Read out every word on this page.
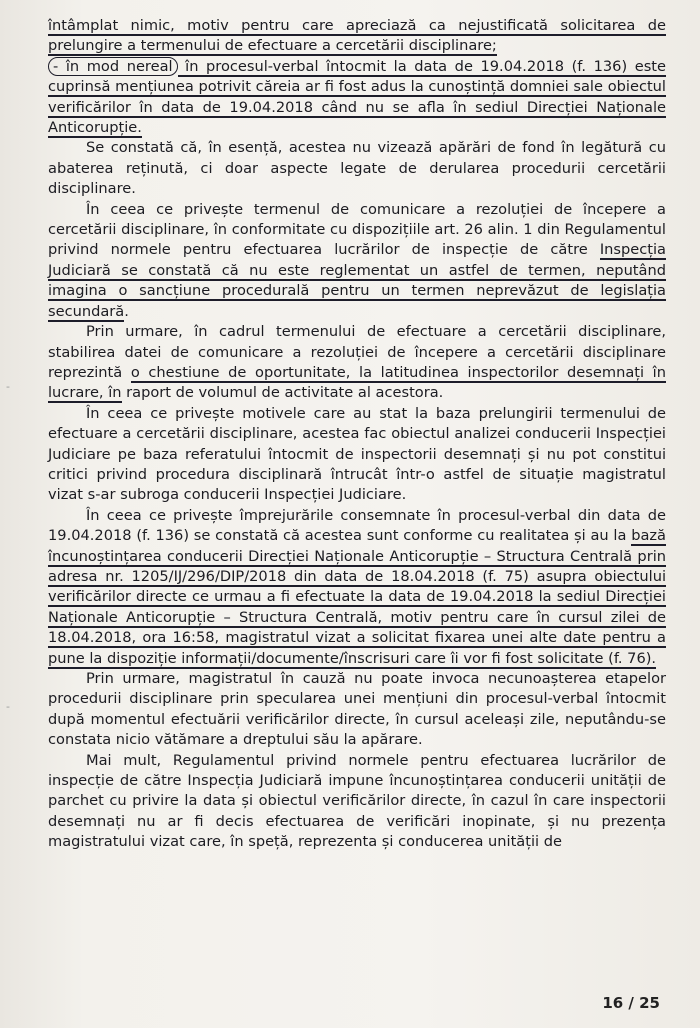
-
-

întâmplat nimic, motiv pentru care apreciază ca nejustificată solicitarea de prelungire a termenului de efectuare a cercetării disciplinare;

- în mod nereal în procesul-verbal întocmit la data de 19.04.2018 (f. 136) este cuprinsă mențiunea potrivit căreia ar fi fost adus la cunoștință domniei sale obiectul verificărilor în data de 19.04.2018 când nu se afla în sediul Direcției Naționale Anticorupție.

Se constată că, în esență, acestea nu vizează apărări de fond în legătură cu abaterea reținută, ci doar aspecte legate de derularea procedurii cercetării disciplinare.

În ceea ce privește termenul de comunicare a rezoluției de începere a cercetării disciplinare, în conformitate cu dispozițiile art. 26 alin. 1 din Regulamentul privind normele pentru efectuarea lucrărilor de inspecție de către Inspecția Judiciară se constată că nu este reglementat un astfel de termen, neputând imagina o sancțiune procedurală pentru un termen neprevăzut de legislația secundară.

Prin urmare, în cadrul termenului de efectuare a cercetării disciplinare, stabilirea datei de comunicare a rezoluției de începere a cercetării disciplinare reprezintă o chestiune de oportunitate, la latitudinea inspectorilor desemnați în lucrare, în raport de volumul de activitate al acestora.

În ceea ce privește motivele care au stat la baza prelungirii termenului de efectuare a cercetării disciplinare, acestea fac obiectul analizei conducerii Inspecției Judiciare pe baza referatului întocmit de inspectorii desemnați și nu pot constitui critici privind procedura disciplinară întrucât într-o astfel de situație magistratul vizat s-ar subroga conducerii Inspecției Judiciare.

În ceea ce privește împrejurările consemnate în procesul-verbal din data de 19.04.2018 (f. 136) se constată că acestea sunt conforme cu realitatea și au la bază încunoștințarea conducerii Direcției Naționale Anticorupție – Structura Centrală prin adresa nr. 1205/IJ/296/DIP/2018 din data de 18.04.2018 (f. 75) asupra obiectului verificărilor directe ce urmau a fi efectuate la data de 19.04.2018 la sediul Direcției Naționale Anticorupție – Structura Centrală, motiv pentru care în cursul zilei de 18.04.2018, ora 16:58, magistratul vizat a solicitat fixarea unei alte date pentru a pune la dispoziție informații/documente/înscrisuri care îi vor fi fost solicitate (f. 76).

Prin urmare, magistratul în cauză nu poate invoca necunoașterea etapelor procedurii disciplinare prin specularea unei mențiuni din procesul-verbal întocmit după momentul efectuării verificărilor directe, în cursul aceleași zile, neputându-se constata nicio vătămare a dreptului său la apărare.

Mai mult, Regulamentul privind normele pentru efectuarea lucrărilor de inspecție de către Inspecția Judiciară impune încunoștințarea conducerii unității de parchet cu privire la data și obiectul verificărilor directe, în cazul în care inspectorii desemnați nu ar fi decis efectuarea de verificări inopinate, și nu prezența magistratului vizat care, în speță, reprezenta și conducerea unității de

16 / 25
